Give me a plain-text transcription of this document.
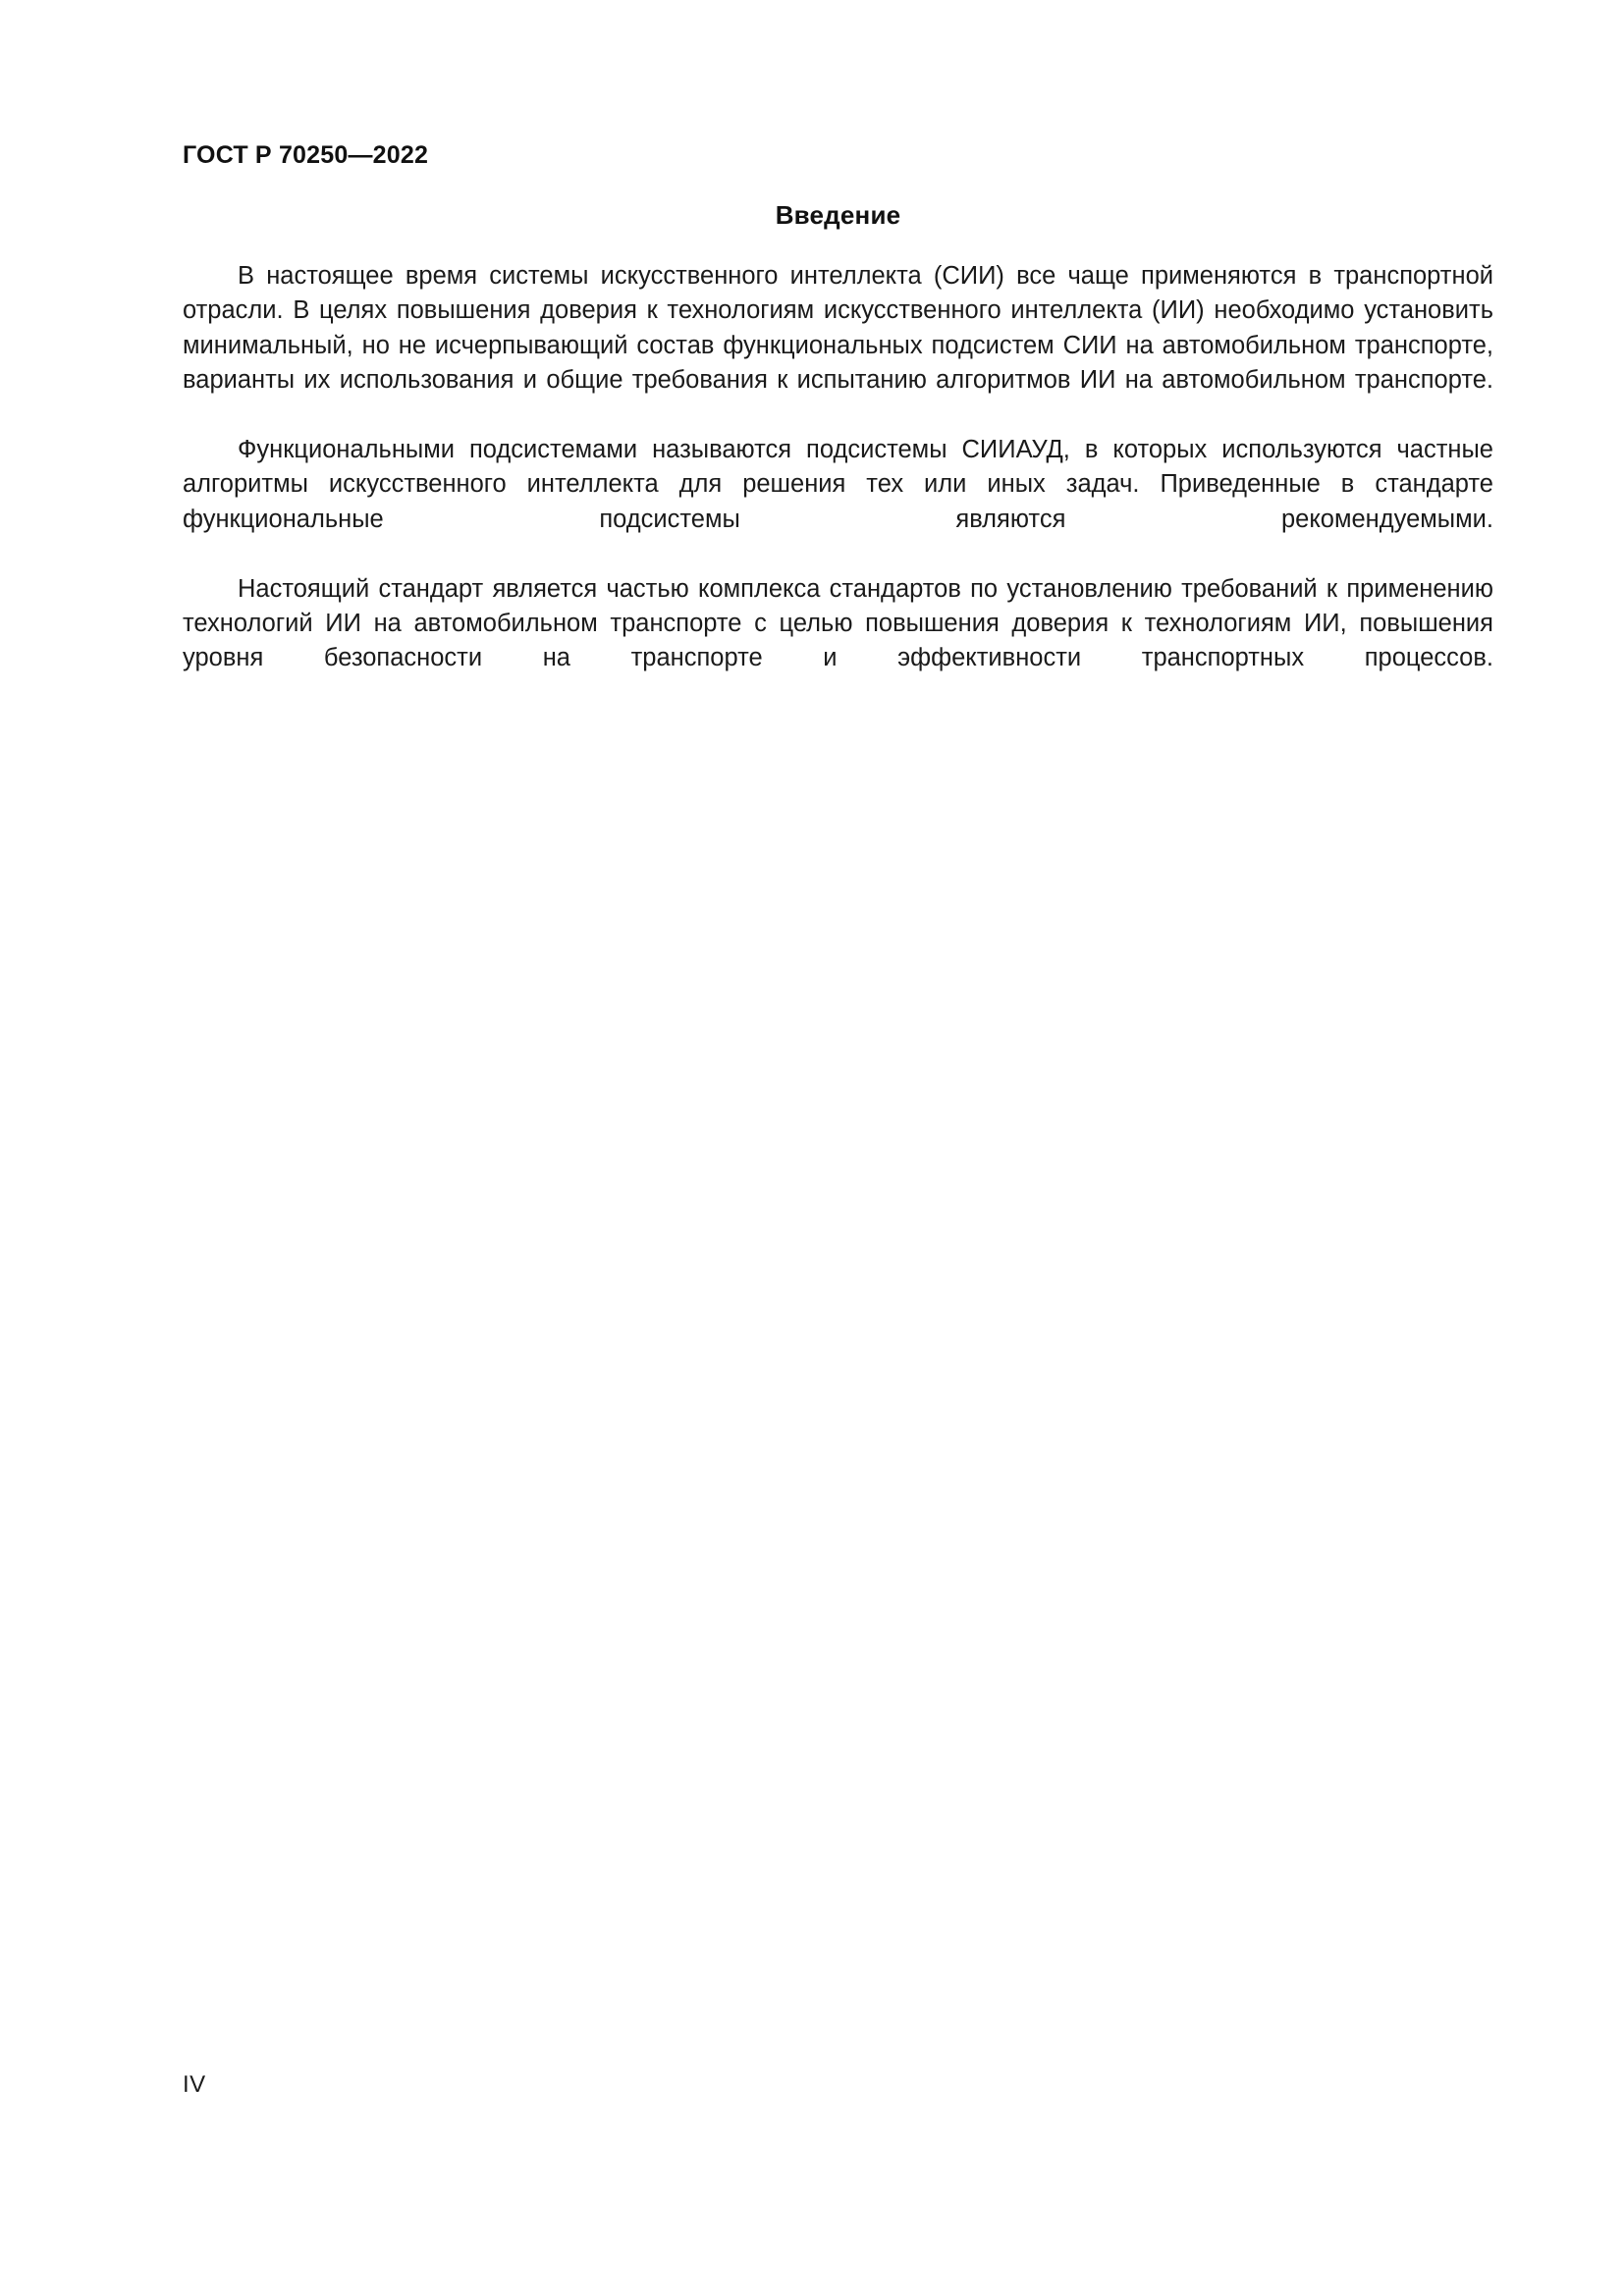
ГОСТ Р 70250—2022
Введение

В настоящее время системы искусственного интеллекта (СИИ) все чаще применяются в транспортной отрасли. В целях повышения доверия к технологиям искусственного интеллекта (ИИ) необходимо установить минимальный, но не исчерпывающий состав функциональных подсистем СИИ на автомобильном транспорте, варианты их использования и общие требования к испытанию алгоритмов ИИ на автомобильном транспорте.

Функциональными подсистемами называются подсистемы СИИАУД, в которых используются частные алгоритмы искусственного интеллекта для решения тех или иных задач. Приведенные в стандарте функциональные подсистемы являются рекомендуемыми.

Настоящий стандарт является частью комплекса стандартов по установлению требований к применению технологий ИИ на автомобильном транспорте с целью повышения доверия к технологиям ИИ, повышения уровня безопасности на транспорте и эффективности транспортных процессов.

IV
